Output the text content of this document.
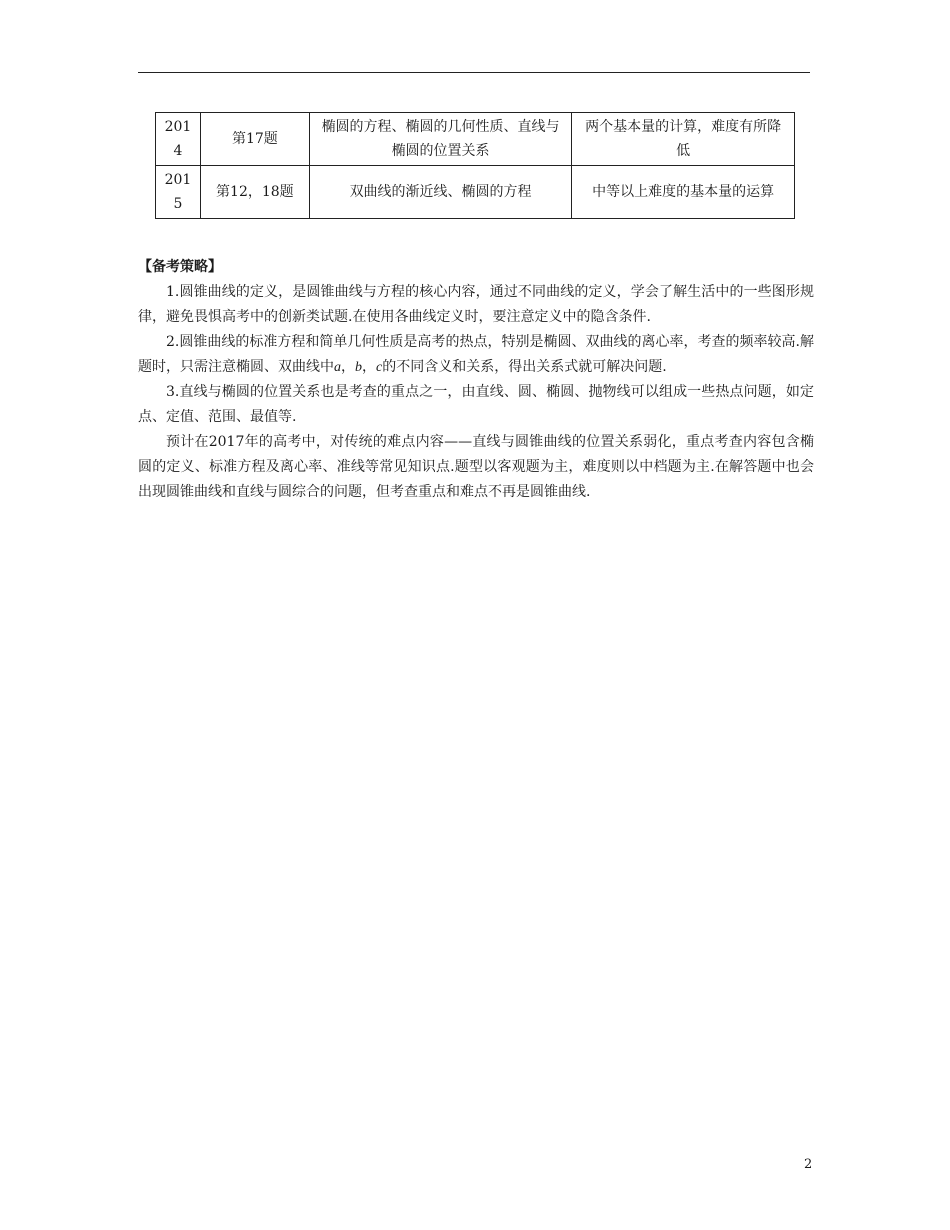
2014	第17题	椭圆的方程、椭圆的几何性质、直线与椭圆的位置关系	两个基本量的计算，难度有所降低
2015	第12，18题	双曲线的渐近线、椭圆的方程	中等以上难度的基本量的运算

【备考策略】

1.圆锥曲线的定义，是圆锥曲线与方程的核心内容，通过不同曲线的定义，学会了解生活中的一些图形规律，避免畏惧高考中的创新类试题.在使用各曲线定义时，要注意定义中的隐含条件.

2.圆锥曲线的标准方程和简单几何性质是高考的热点，特别是椭圆、双曲线的离心率，考查的频率较高.解题时，只需注意椭圆、双曲线中a，b，c的不同含义和关系，得出关系式就可解决问题.

3.直线与椭圆的位置关系也是考查的重点之一，由直线、圆、椭圆、抛物线可以组成一些热点问题，如定点、定值、范围、最值等.

预计在2017年的高考中，对传统的难点内容——直线与圆锥曲线的位置关系弱化，重点考查内容包含椭圆的定义、标准方程及离心率、准线等常见知识点.题型以客观题为主，难度则以中档题为主.在解答题中也会出现圆锥曲线和直线与圆综合的问题，但考查重点和难点不再是圆锥曲线.

2
